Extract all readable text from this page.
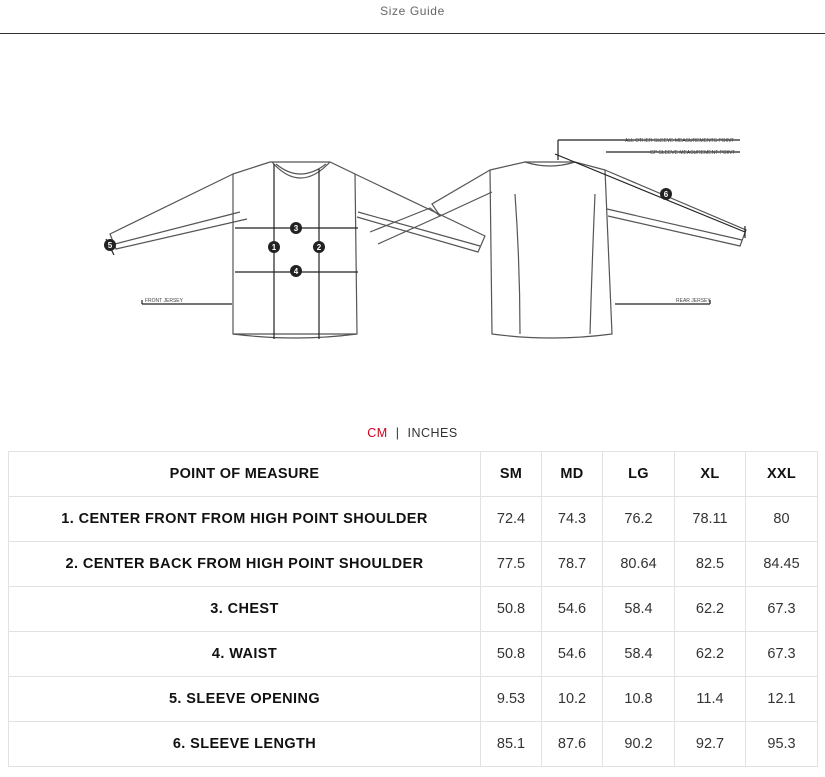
Size Guide
1	2
3
4
5
6
FRONT JERSEY	REAR JERSEY
ALL OTHER SLEEVE MEASUREMENTS POINT
GP SLEEVE MEASUREMENT POINT
CM | INCHES
POINT OF MEASURE	SM	MD	LG	XL	XXL
1. CENTER FRONT FROM HIGH POINT SHOULDER	72.4	74.3	76.2	78.11	80
2. CENTER BACK FROM HIGH POINT SHOULDER	77.5	78.7	80.64	82.5	84.45
3. CHEST	50.8	54.6	58.4	62.2	67.3
4. WAIST	50.8	54.6	58.4	62.2	67.3
5. SLEEVE OPENING	9.53	10.2	10.8	11.4	12.1
6. SLEEVE LENGTH	85.1	87.6	90.2	92.7	95.3
